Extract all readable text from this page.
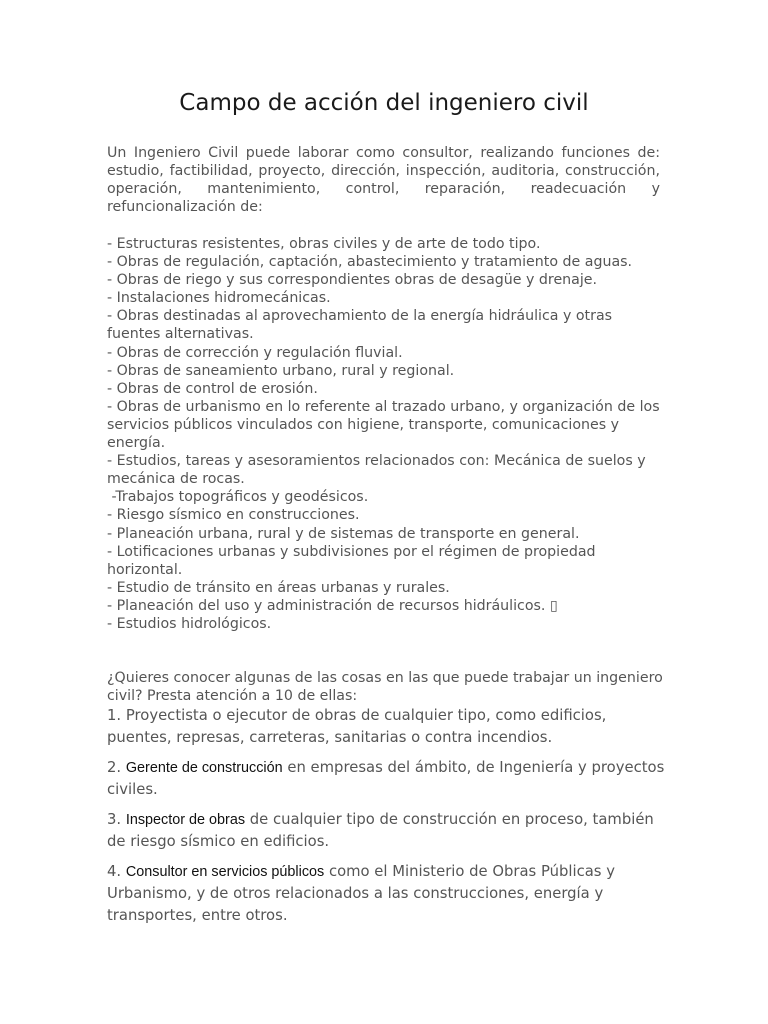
Campo de acción del ingeniero civil

Un Ingeniero Civil puede laborar como consultor, realizando funciones de: estudio, factibilidad, proyecto, dirección, inspección, auditoria, construcción, operación, mantenimiento, control, reparación, readecuación y refuncionalización de:

- Estructuras resistentes, obras civiles y de arte de todo tipo.
- Obras de regulación, captación, abastecimiento y tratamiento de aguas.
- Obras de riego y sus correspondientes obras de desagüe y drenaje.
- Instalaciones hidromecánicas.
- Obras destinadas al aprovechamiento de la energía hidráulica y otras fuentes alternativas.
- Obras de corrección y regulación fluvial.
- Obras de saneamiento urbano, rural y regional.
- Obras de control de erosión.
- Obras de urbanismo en lo referente al trazado urbano, y organización de los servicios públicos vinculados con higiene, transporte, comunicaciones y energía.
- Estudios, tareas y asesoramientos relacionados con: Mecánica de suelos y mecánica de rocas.
-Trabajos topográficos y geodésicos.
- Riesgo sísmico en construcciones.
- Planeación urbana, rural y de sistemas de transporte en general.
- Lotificaciones urbanas y subdivisiones por el régimen de propiedad horizontal.
- Estudio de tránsito en áreas urbanas y rurales.
- Planeación del uso y administración de recursos hidráulicos. ▯
- Estudios hidrológicos.

¿Quieres conocer algunas de las cosas en las que puede trabajar un ingeniero civil? Presta atención a 10 de ellas:

1. Proyectista o ejecutor de obras de cualquier tipo, como edificios, puentes, represas, carreteras, sanitarias o contra incendios.

2. Gerente de construcción en empresas del ámbito, de Ingeniería y proyectos civiles.

3. Inspector de obras de cualquier tipo de construcción en proceso, también de riesgo sísmico en edificios.

4. Consultor en servicios públicos como el Ministerio de Obras Públicas y Urbanismo, y de otros relacionados a las construcciones, energía y transportes, entre otros.
